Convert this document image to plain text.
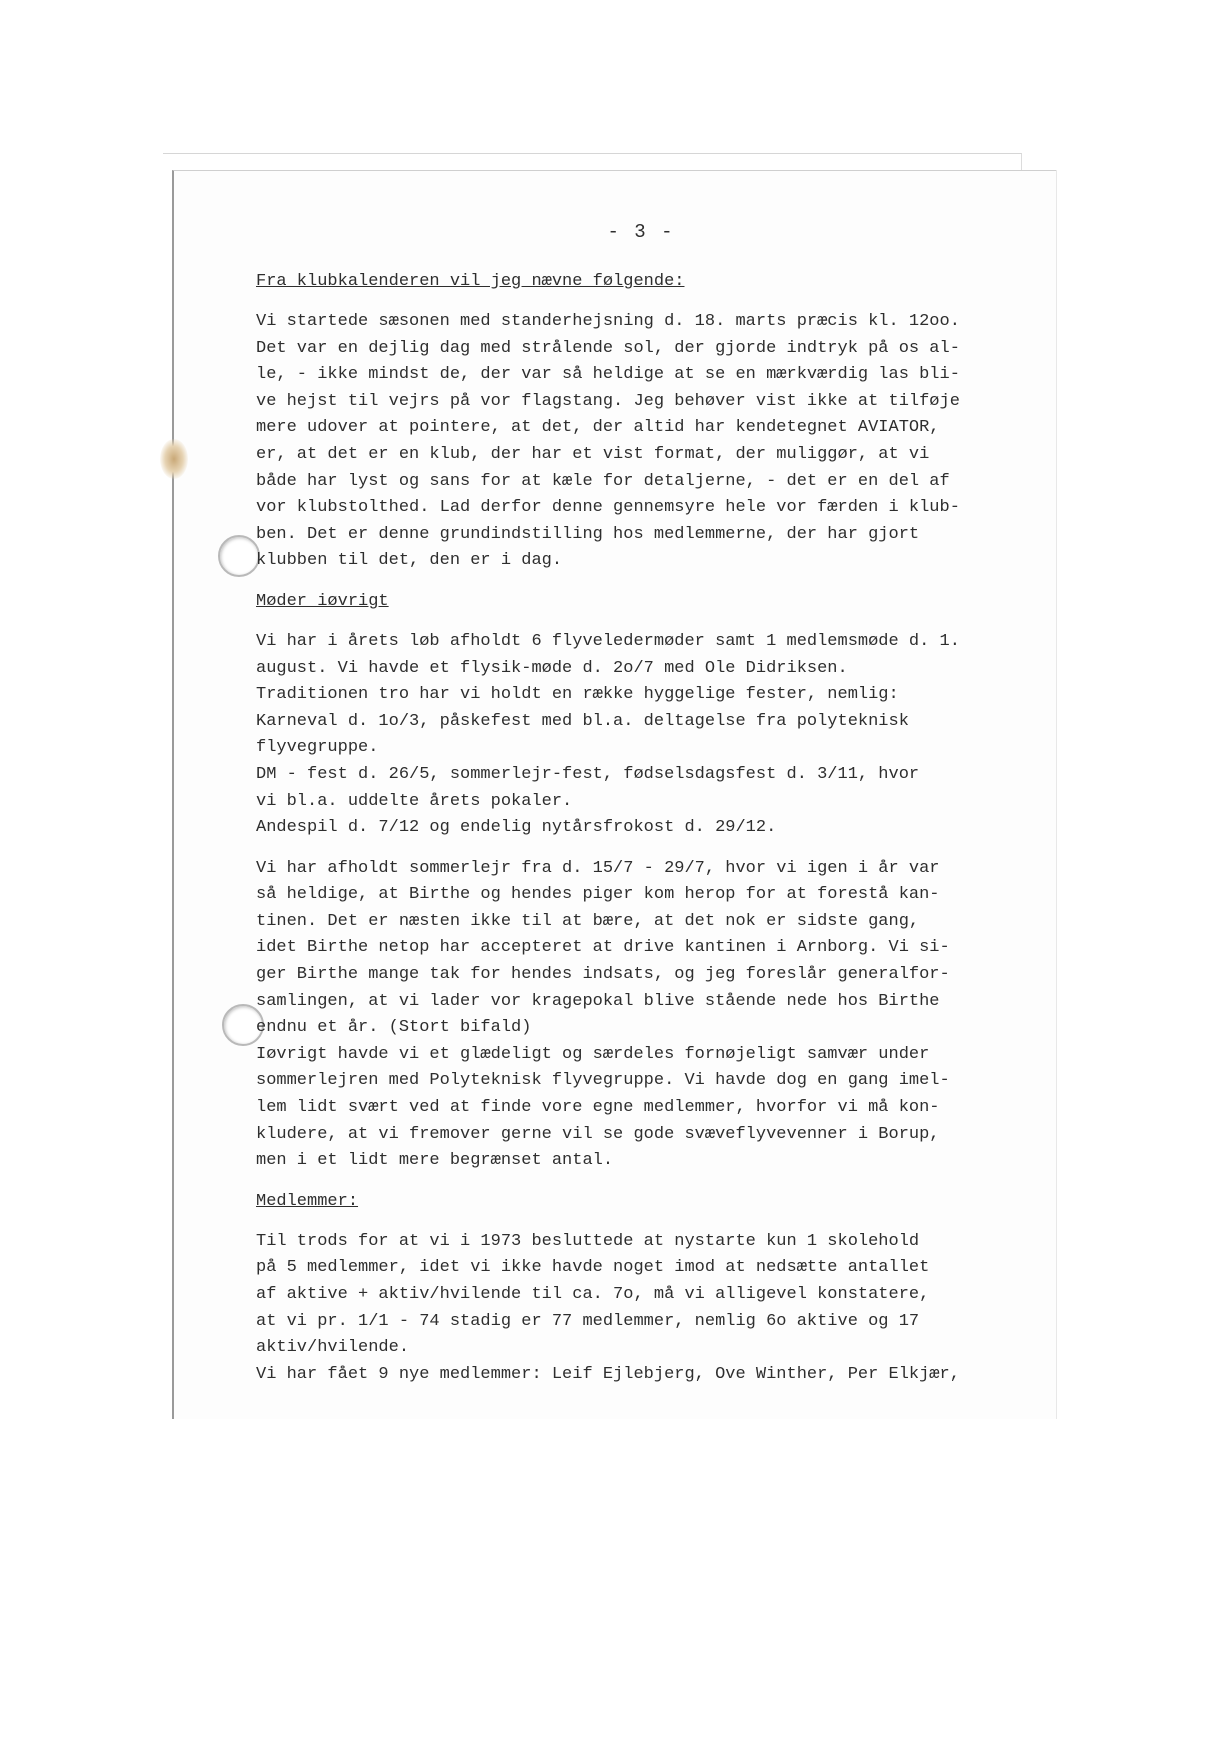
- 3 -
Fra klubkalenderen vil jeg nævne følgende:
Vi startede sæsonen med standerhejsning d. 18. marts præcis kl. 12oo.
Det var en dejlig dag med strålende sol, der gjorde indtryk på os al-
le, - ikke mindst de, der var så heldige at se en mærkværdig las bli-
ve hejst til vejrs på vor flagstang. Jeg behøver vist ikke at tilføje
mere udover at pointere, at det, der altid har kendetegnet AVIATOR,
er, at det er en klub, der har et vist format, der muliggør, at vi
både har lyst og sans for at kæle for detaljerne, - det er en del af
vor klubstolthed. Lad derfor denne gennemsyre hele vor færden i klub-
ben. Det er denne grundindstilling hos medlemmerne, der har gjort
klubben til det, den er i dag.
Møder iøvrigt
Vi har i årets løb afholdt 6 flyveledermøder samt 1 medlemsmøde d. 1.
august. Vi havde et flysik-møde d. 2o/7 med Ole Didriksen.
Traditionen tro har vi holdt en række hyggelige fester, nemlig:
Karneval d. 1o/3, påskefest med bl.a. deltagelse fra polyteknisk
flyvegruppe.
DM - fest d. 26/5, sommerlejr-fest, fødselsdagsfest d. 3/11, hvor
vi bl.a. uddelte årets pokaler.
Andespil d. 7/12 og endelig nytårsfrokost d. 29/12.
Vi har afholdt sommerlejr fra d. 15/7 - 29/7, hvor vi igen i år var
så heldige, at Birthe og hendes piger kom herop for at forestå kan-
tinen. Det er næsten ikke til at bære, at det nok er sidste gang,
idet Birthe netop har accepteret at drive kantinen i Arnborg. Vi si-
ger Birthe mange tak for hendes indsats, og jeg foreslår generalfor-
samlingen, at vi lader vor kragepokal blive stående nede hos Birthe
endnu et år. (Stort bifald)
Iøvrigt havde vi et glædeligt og særdeles fornøjeligt samvær under
sommerlejren med Polyteknisk flyvegruppe. Vi havde dog en gang imel-
lem lidt svært ved at finde vore egne medlemmer, hvorfor vi må kon-
kludere, at vi fremover gerne vil se gode svæveflyvevenner i Borup,
men i et lidt mere begrænset antal.
Medlemmer:
Til trods for at vi i 1973 besluttede at nystarte kun 1 skolehold
på 5 medlemmer, idet vi ikke havde noget imod at nedsætte antallet
af aktive + aktiv/hvilende til ca. 7o, må vi alligevel konstatere,
at vi pr. 1/1 - 74 stadig er 77 medlemmer, nemlig 6o aktive og 17
aktiv/hvilende.
Vi har fået 9 nye medlemmer: Leif Ejlebjerg, Ove Winther, Per Elkjær,
